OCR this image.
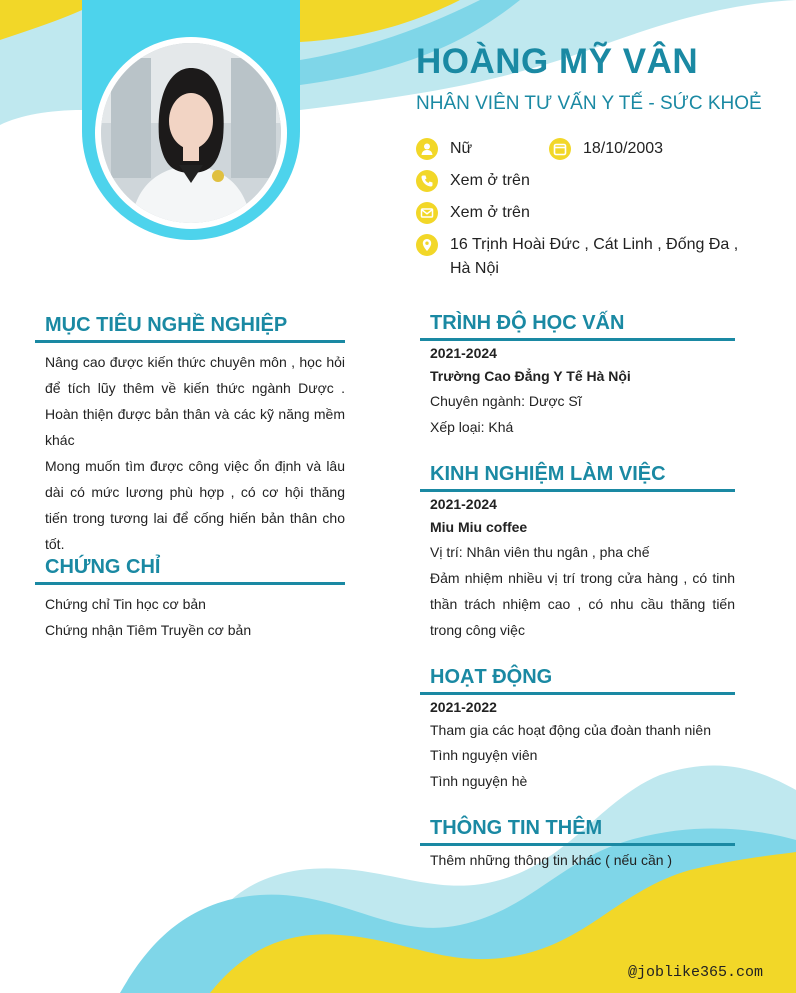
HOÀNG MỸ VÂN
NHÂN VIÊN TƯ VẤN Y TẾ - SỨC KHOẺ
Nữ	18/10/2003
Xem ở trên
Xem ở trên
16 Trịnh Hoài Đức , Cát Linh , Đống Đa , Hà Nội
MỤC TIÊU NGHỀ NGHIỆP
Nâng cao được kiến thức chuyên môn , học hỏi để tích lũy thêm về kiến thức ngành Dược . Hoàn thiện được bản thân và các kỹ năng mềm khác
Mong muốn tìm được công việc ổn định và lâu dài có mức lương phù hợp , có cơ hội thăng tiến trong tương lai để cống hiến bản thân cho tốt.
CHỨNG CHỈ
Chứng chỉ Tin học cơ bản
Chứng nhận Tiêm Truyền cơ bản
TRÌNH ĐỘ HỌC VẤN
2021-2024
Trường Cao Đẳng Y Tế Hà Nội
Chuyên ngành: Dược Sĩ
Xếp loại: Khá
KINH NGHIỆM LÀM VIỆC
2021-2024
Miu Miu coffee
Vị trí: Nhân viên thu ngân , pha chế
Đảm nhiệm nhiều vị trí trong cửa hàng , có tinh thần trách nhiệm cao , có nhu cầu thăng tiến trong công việc
HOẠT ĐỘNG
2021-2022
Tham gia các hoạt động của đoàn thanh niên
Tình nguyện viên
Tình nguyện hè
THÔNG TIN THÊM
Thêm những thông tin khác ( nếu cần )
@joblike365.com
